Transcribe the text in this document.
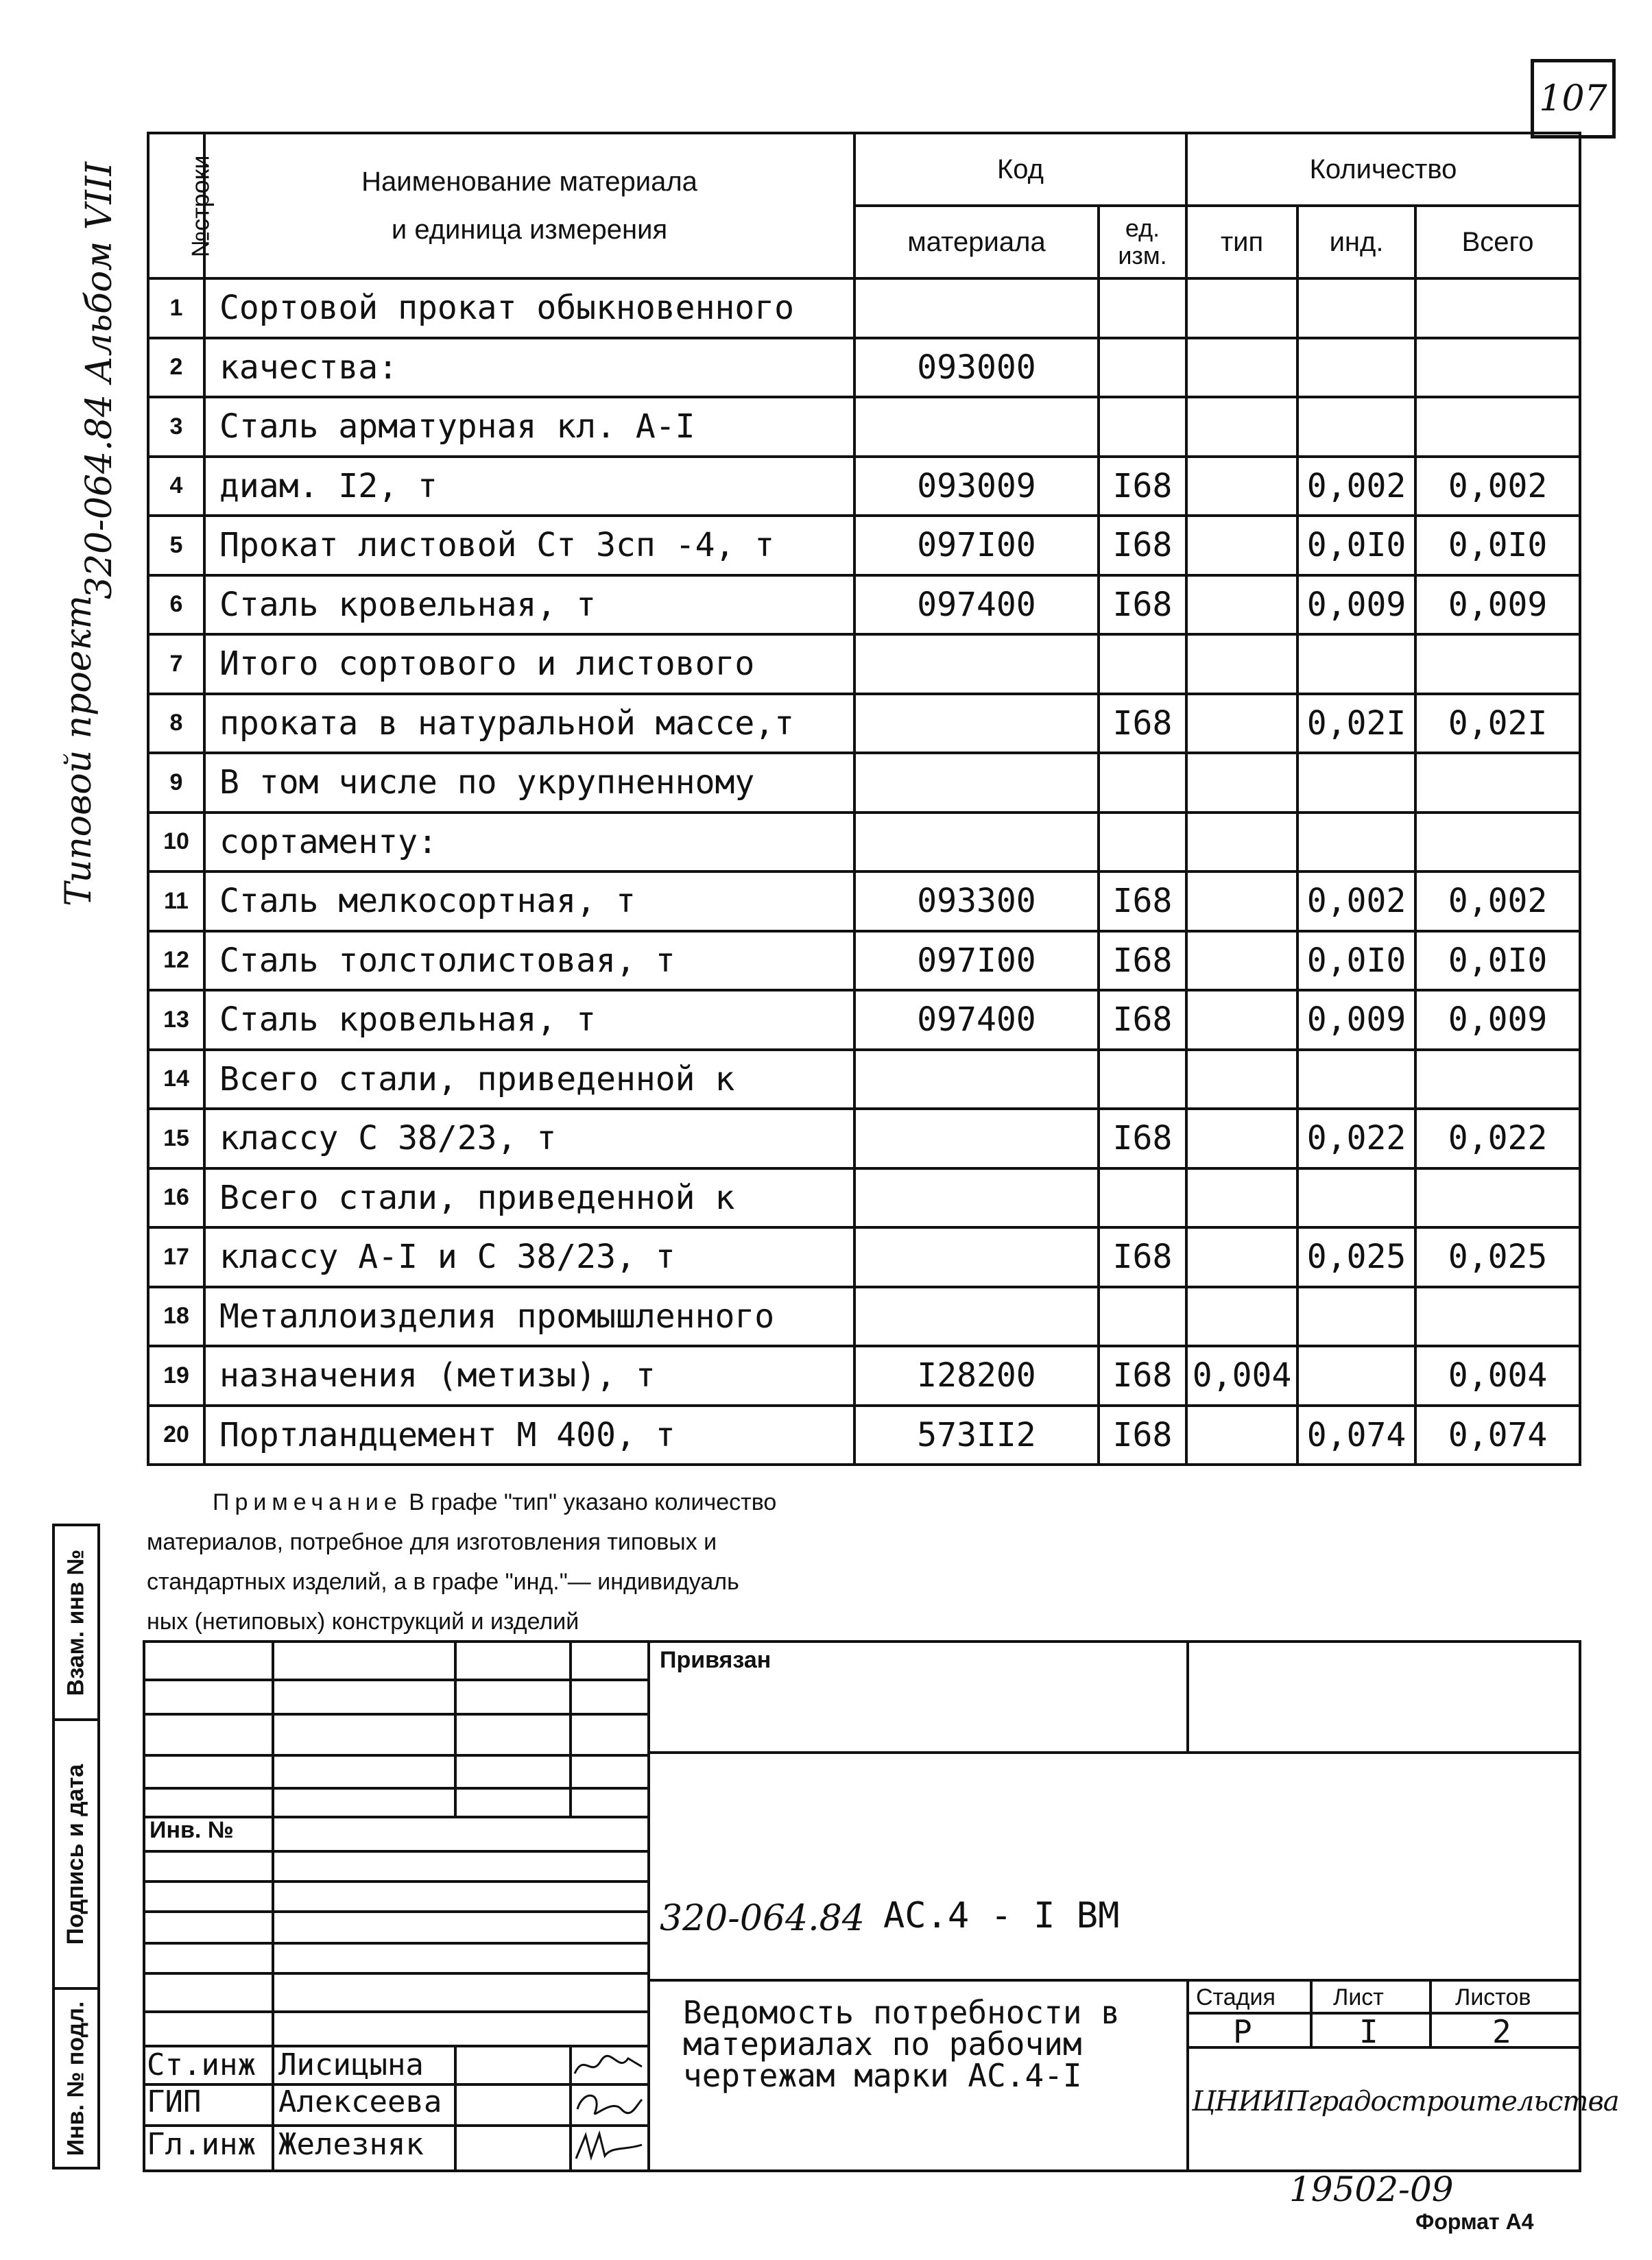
107
320-064.84 Альбом VIII
Типовой проект
№строки	Наименование материала
и единица измерения	Код		Количество		
		материала	ед. изм.	тип	инд.	Всего
1	Сортовой прокат обыкновенного					
2	качества:	093000				
3	Сталь арматурная кл. A-I					
4	диам. I2, т	093009	I68		0,002	0,002
5	Прокат листовой Ст 3сп -4, т	097I00	I68		0,0I0	0,0I0
6	Сталь кровельная, т	097400	I68		0,009	0,009
7	Итого сортового и листового					
8	проката в натуральной массе,т		I68		0,02I	0,02I
9	В том числе по укрупненному					
10	сортаменту:					
11	Сталь мелкосортная, т	093300	I68		0,002	0,002
12	Сталь толстолистовая, т	097I00	I68		0,0I0	0,0I0
13	Сталь кровельная, т	097400	I68		0,009	0,009
14	Всего стали, приведенной к					
15	классу С 38/23, т		I68		0,022	0,022
16	Всего стали, приведенной к					
17	классу A-I и С 38/23, т		I68		0,025	0,025
18	Металлоизделия промышленного					
19	назначения (метизы), т	I28200	I68	0,004		0,004
20	Портландцемент М 400, т	573II2	I68		0,074	0,074
Примечание В графе "тип" указано количество
материалов, потребное для изготовления типовых и
стандартных изделий, а в графе "инд."— индивидуаль
ных (нетиповых) конструкций и изделий
Взам. инв №
Подпись и дата
Инв. № подл.
Привязан
Инв. №
320-064.84 АС.4 - I ВМ
Ведомость потребности в
материалах по рабочим
чертежам марки АС.4-I
Стадия Лист	Листов
Р	I	2
ЦНИИПградостроительства
Ст.инж Лисицына
ГИП	Алексеева
Гл.инж Железняк
19502-09
Формат А4
